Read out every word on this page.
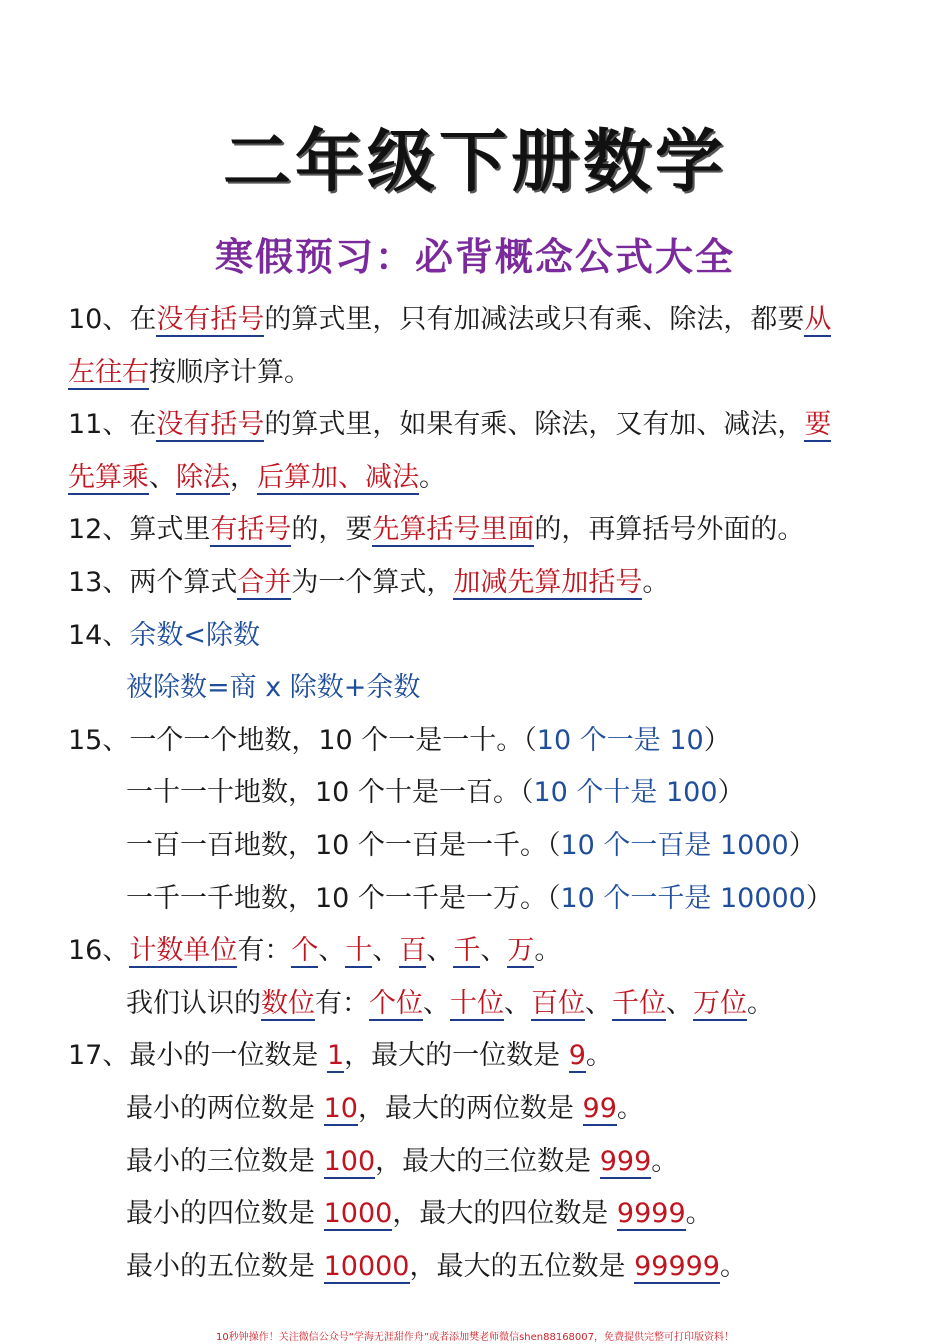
二年级下册数学
寒假预习：必背概念公式大全
10、在没有括号的算式里，只有加减法或只有乘、除法，都要从
左往右按顺序计算。
11、在没有括号的算式里，如果有乘、除法，又有加、减法，要
先算乘、除法，后算加、减法。
12、算式里有括号的，要先算括号里面的，再算括号外面的。
13、两个算式合并为一个算式，加减先算加括号。
14、余数<除数
被除数=商 x 除数+余数
15、一个一个地数，10 个一是一十。（10 个一是 10）
一十一十地数，10 个十是一百。（10 个十是 100）
一百一百地数，10 个一百是一千。（10 个一百是 1000）
一千一千地数，10 个一千是一万。（10 个一千是 10000）
16、计数单位有：个、十、百、千、万。
我们认识的数位有：个位、十位、百位、千位、万位。
17、最小的一位数是 1，最大的一位数是 9。
最小的两位数是 10，最大的两位数是 99。
最小的三位数是 100，最大的三位数是 999。
最小的四位数是 1000，最大的四位数是 9999。
最小的五位数是 10000，最大的五位数是 99999。
10秒钟操作！关注微信公众号“学海无涯甜作舟”或者添加樊老师微信shen88168007，免费提供完整可打印版资料！
